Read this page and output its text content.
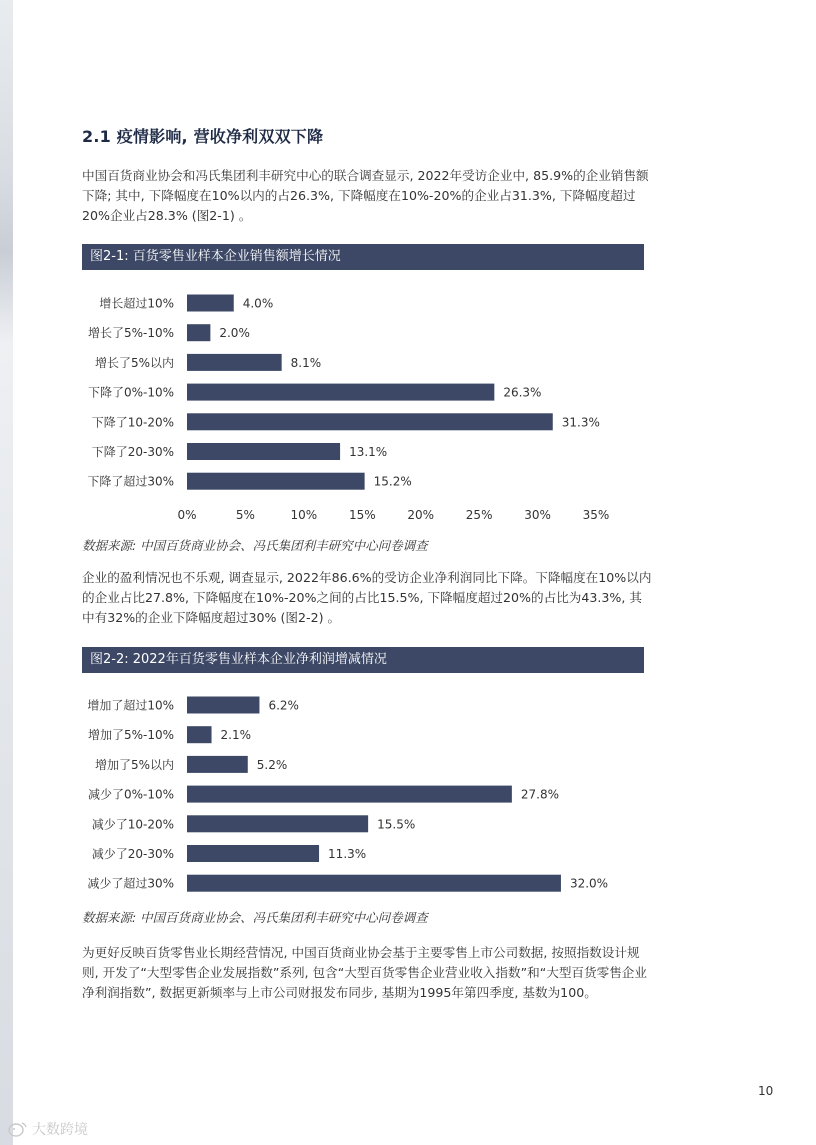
2.1 疫情影响, 营收净利双双下降

中国百货商业协会和冯氏集团利丰研究中心的联合调查显示, 2022年受访企业中, 85.9%的企业销售额下降; 其中, 下降幅度在10%以内的占26.3%, 下降幅度在10%-20%的企业占31.3%, 下降幅度超过20%企业占28.3% (图2-1) 。

图2-1: 百货零售业样本企业销售额增长情况
增长超过10%	4.0%
增长了5%-10%	2.0%
增长了5%以内	8.1%
下降了0%-10%	26.3%
下降了10-20%	31.3%
下降了20-30%	13.1%
下降了超过30%	15.2%
0%	5%	10%	15%	20%	25%	30%	35%

数据来源: 中国百货商业协会、冯氏集团利丰研究中心问卷调查

企业的盈利情况也不乐观, 调查显示, 2022年86.6%的受访企业净利润同比下降。下降幅度在10%以内的企业占比27.8%, 下降幅度在10%-20%之间的占比15.5%, 下降幅度超过20%的占比为43.3%, 其中有32%的企业下降幅度超过30% (图2-2) 。

图2-2: 2022年百货零售业样本企业净利润增减情况
增加了超过10%	6.2%
增加了5%-10%	2.1%
增加了5%以内	5.2%
减少了0%-10%	27.8%
减少了10-20%	15.5%
减少了20-30%	11.3%
减少了超过30%	32.0%

数据来源: 中国百货商业协会、冯氏集团利丰研究中心问卷调查

为更好反映百货零售业长期经营情况, 中国百货商业协会基于主要零售上市公司数据, 按照指数设计规则, 开发了“大型零售企业发展指数”系列, 包含“大型百货零售企业营业收入指数”和“大型百货零售企业净利润指数”, 数据更新频率与上市公司财报发布同步, 基期为1995年第四季度, 基数为100。

10
大数跨境
